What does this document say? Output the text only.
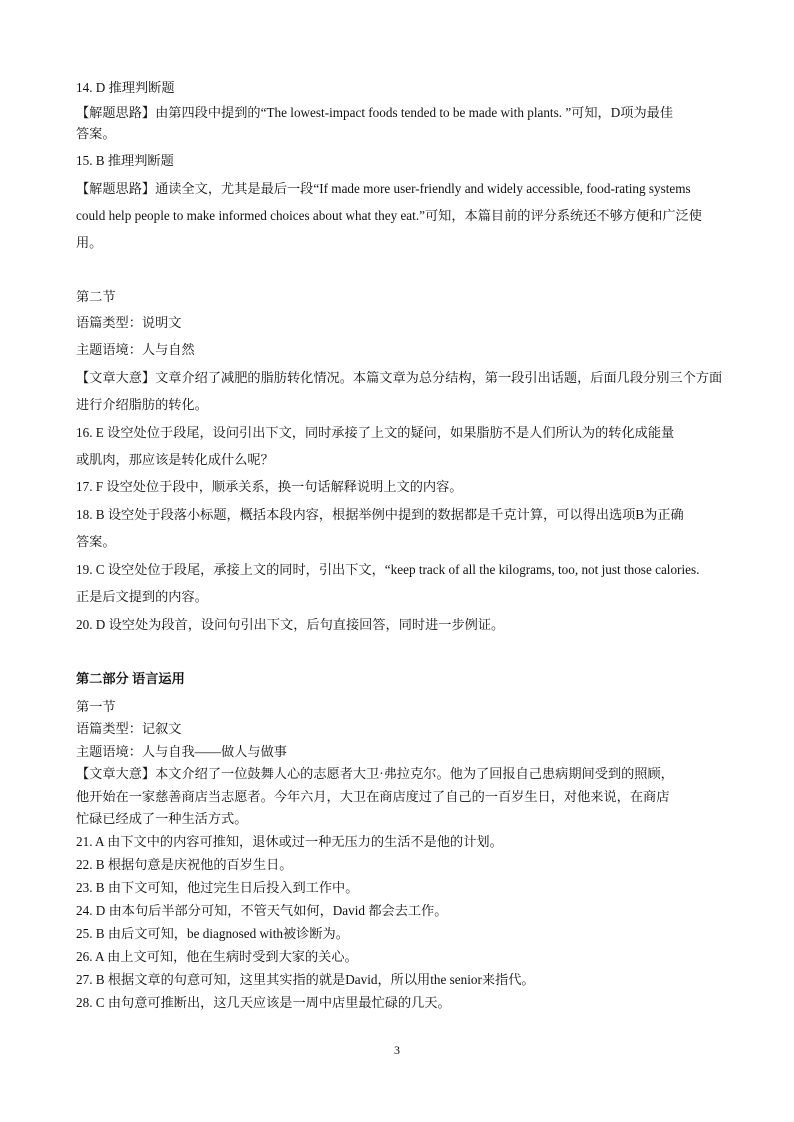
14. D 推理判断题
【解题思路】由第四段中提到的“The lowest-impact foods tended to be made with plants. ”可知，D项为最佳
答案。
15. B 推理判断题
【解题思路】通读全文，尤其是最后一段“If made more user-friendly and widely accessible, food-rating systems
could help people to make informed choices about what they eat.”可知，本篇目前的评分系统还不够方便和广泛使
用。
第二节
语篇类型：说明文
主题语境：人与自然
【文章大意】文章介绍了减肥的脂肪转化情况。本篇文章为总分结构，第一段引出话题，后面几段分别三个方面
进行介绍脂肪的转化。
16. E 设空处位于段尾，设问引出下文，同时承接了上文的疑问，如果脂肪不是人们所认为的转化成能量
或肌肉，那应该是转化成什么呢？
17. F 设空处位于段中，顺承关系，换一句话解释说明上文的内容。
18. B 设空处于段落小标题，概括本段内容，根据举例中提到的数据都是千克计算，可以得出选项B为正确
答案。
19. C 设空处位于段尾，承接上文的同时，引出下文，“keep track of all the kilograms, too, not just those calories.
正是后文提到的内容。
20. D 设空处为段首，设问句引出下文，后句直接回答，同时进一步例证。
第二部分 语言运用
第一节
语篇类型：记叙文
主题语境：人与自我——做人与做事
【文章大意】本文介绍了一位鼓舞人心的志愿者大卫·弗拉克尔。他为了回报自己患病期间受到的照顾，
他开始在一家慈善商店当志愿者。今年六月，大卫在商店度过了自己的一百岁生日，对他来说，在商店
忙碌已经成了一种生活方式。
21. A 由下文中的内容可推知，退休或过一种无压力的生活不是他的计划。
22. B 根据句意是庆祝他的百岁生日。
23. B 由下文可知，他过完生日后投入到工作中。
24. D 由本句后半部分可知，不管天气如何，David 都会去工作。
25. B 由后文可知，be diagnosed with被诊断为。
26. A 由上文可知，他在生病时受到大家的关心。
27. B 根据文章的句意可知，这里其实指的就是David，所以用the senior来指代。
28. C 由句意可推断出，这几天应该是一周中店里最忙碌的几天。
3
